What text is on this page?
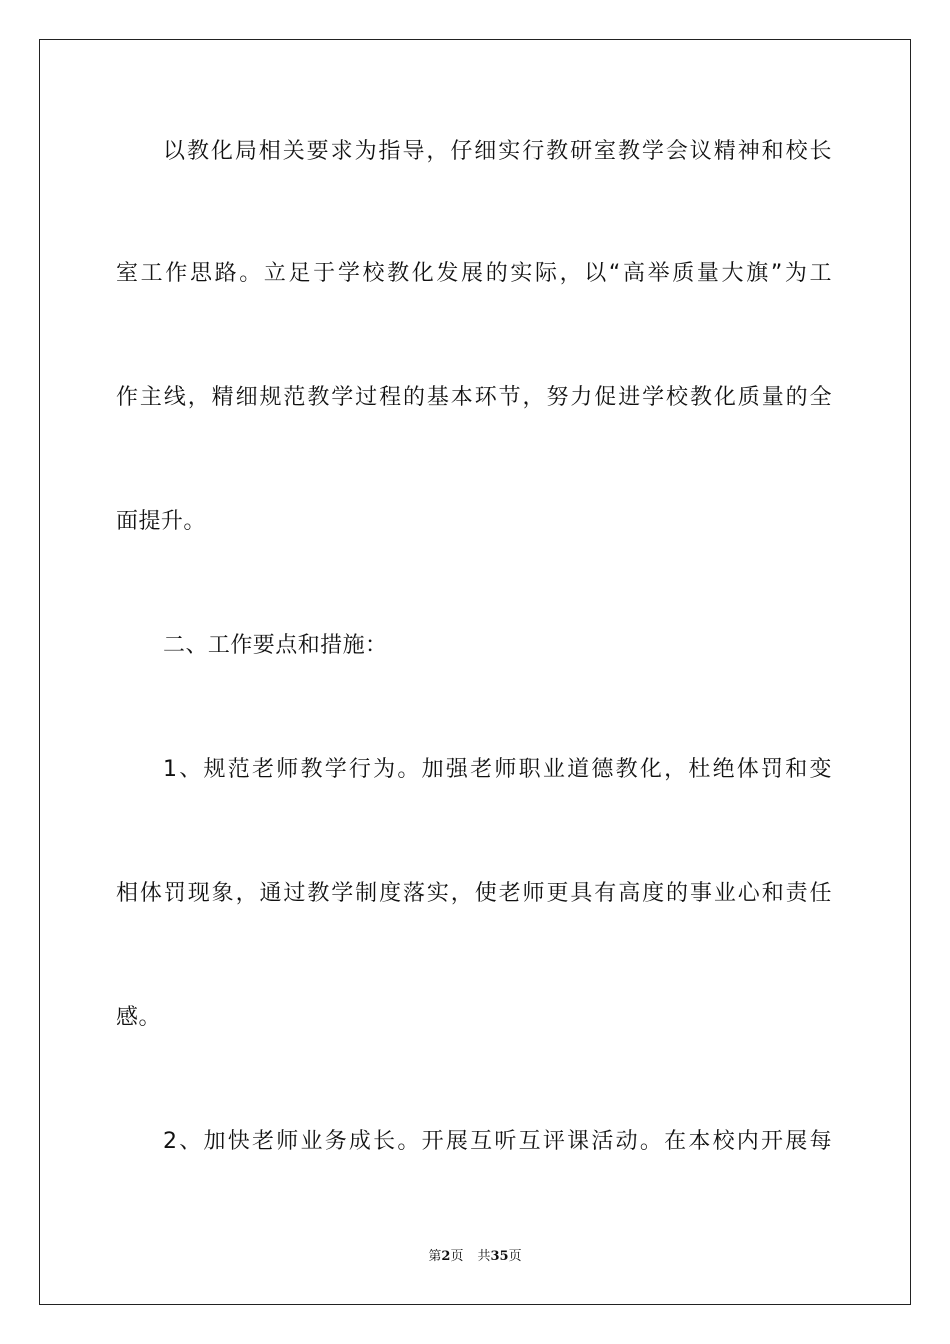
以教化局相关要求为指导，仔细实行教研室教学会议精神和校长
室工作思路。立足于学校教化发展的实际，以“高举质量大旗”为工
作主线，精细规范教学过程的基本环节，努力促进学校教化质量的全
面提升。
二、工作要点和措施：
1、规范老师教学行为。加强老师职业道德教化，杜绝体罚和变
相体罚现象，通过教学制度落实，使老师更具有高度的事业心和责任
感。
2、加快老师业务成长。开展互听互评课活动。在本校内开展每
第2页 共35页
